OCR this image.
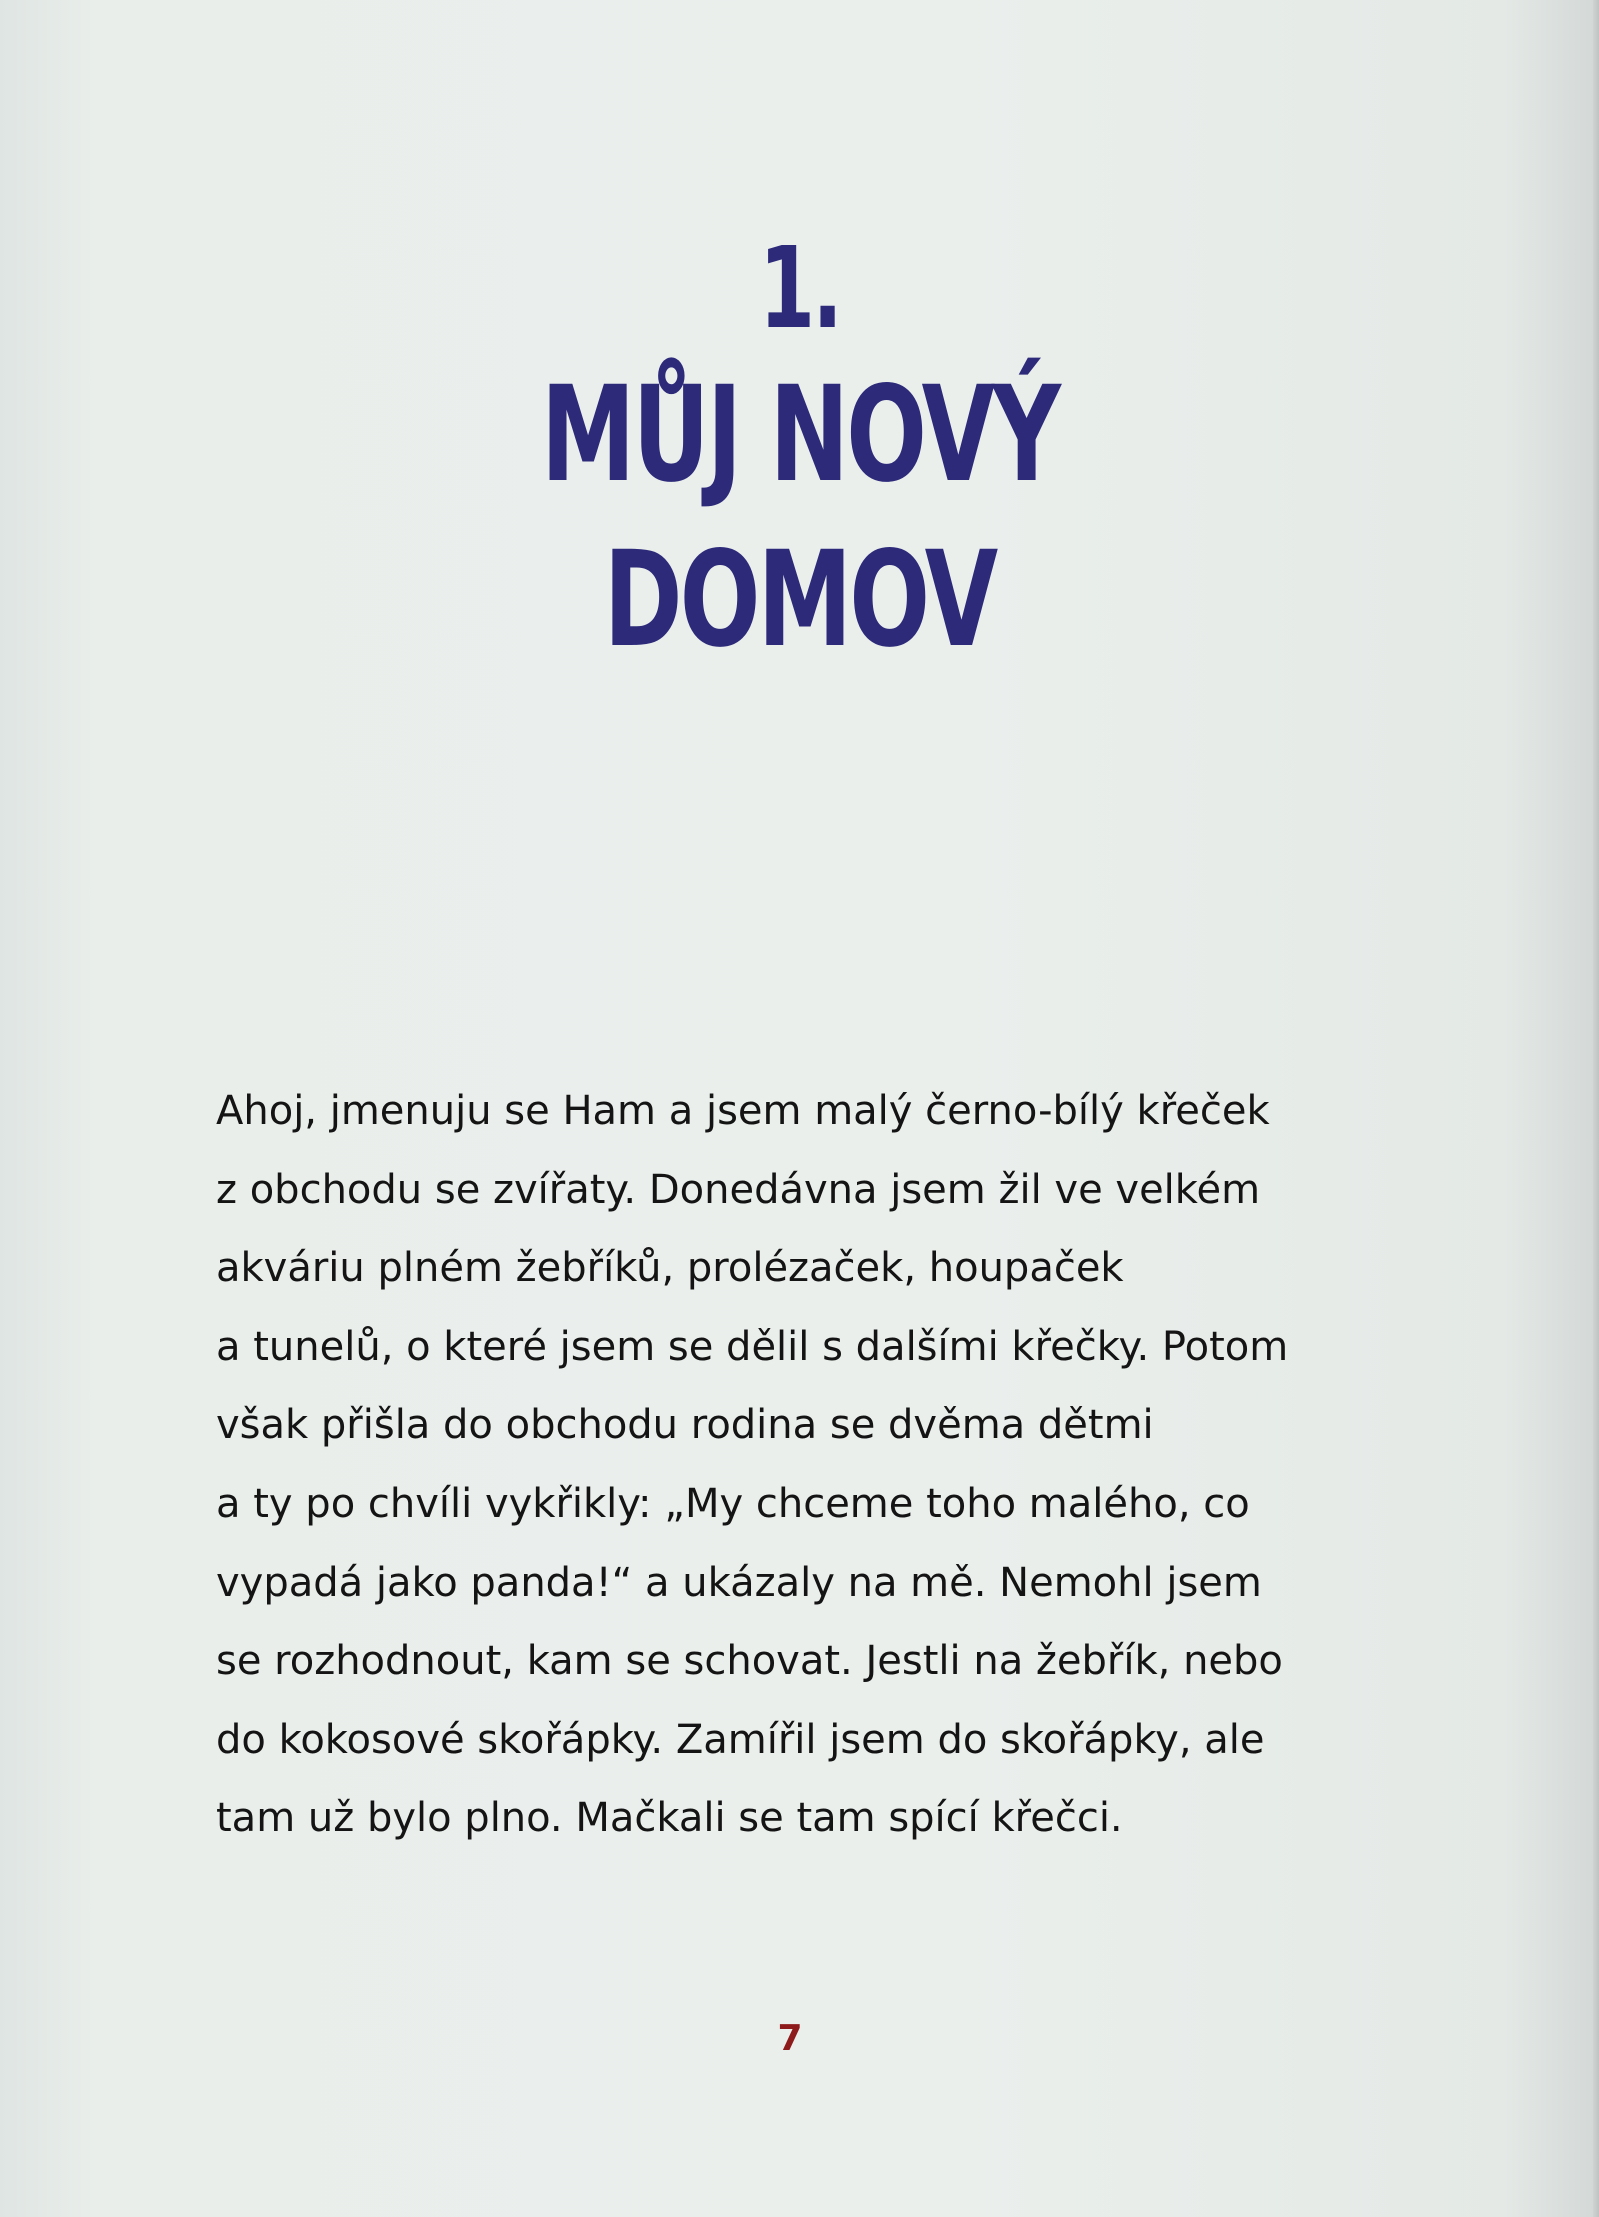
1.
MŮJ NOVÝ
DOMOV

Ahoj, jmenuju se Ham a jsem malý černo-bílý křeček
z obchodu se zvířaty. Donedávna jsem žil ve velkém
akváriu plném žebříků, prolézaček, houpaček
a tunelů, o které jsem se dělil s dalšími křečky. Potom
však přišla do obchodu rodina se dvěma dětmi
a ty po chvíli vykřikly: „My chceme toho malého, co
vypadá jako panda!“ a ukázaly na mě. Nemohl jsem
se rozhodnout, kam se schovat. Jestli na žebřík, nebo
do kokosové skořápky. Zamířil jsem do skořápky, ale
tam už bylo plno. Mačkali se tam spící křečci.

7
